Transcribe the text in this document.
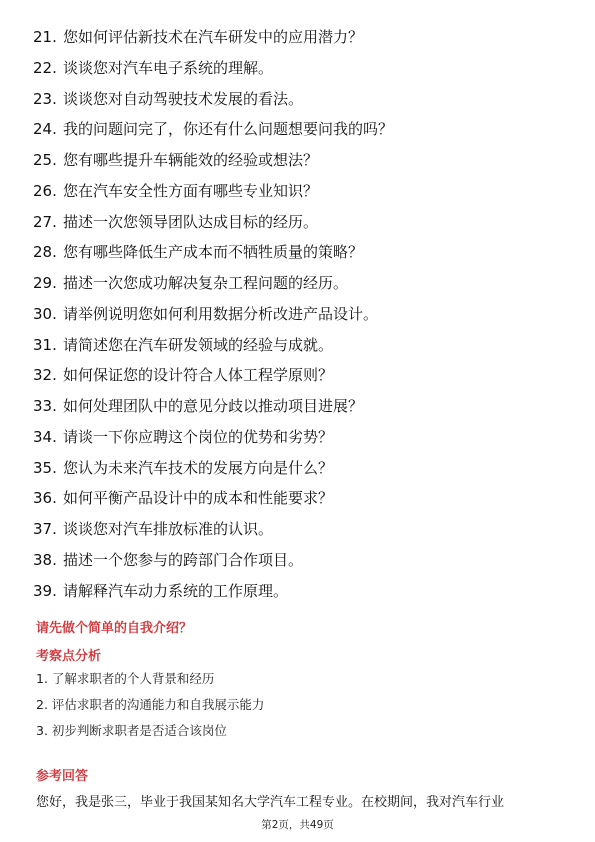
21. 您如何评估新技术在汽车研发中的应用潜力？
22. 谈谈您对汽车电子系统的理解。
23. 谈谈您对自动驾驶技术发展的看法。
24. 我的问题问完了，你还有什么问题想要问我的吗？
25. 您有哪些提升车辆能效的经验或想法？
26. 您在汽车安全性方面有哪些专业知识？
27. 描述一次您领导团队达成目标的经历。
28. 您有哪些降低生产成本而不牺牲质量的策略？
29. 描述一次您成功解决复杂工程问题的经历。
30. 请举例说明您如何利用数据分析改进产品设计。
31. 请简述您在汽车研发领域的经验与成就。
32. 如何保证您的设计符合人体工程学原则？
33. 如何处理团队中的意见分歧以推动项目进展？
34. 请谈一下你应聘这个岗位的优势和劣势？
35. 您认为未来汽车技术的发展方向是什么？
36. 如何平衡产品设计中的成本和性能要求？
37. 谈谈您对汽车排放标准的认识。
38. 描述一个您参与的跨部门合作项目。
39. 请解释汽车动力系统的工作原理。
请先做个简单的自我介绍？
考察点分析
1. 了解求职者的个人背景和经历
2. 评估求职者的沟通能力和自我展示能力
3. 初步判断求职者是否适合该岗位
参考回答
您好，我是张三，毕业于我国某知名大学汽车工程专业。在校期间，我对汽车行业
第2页，共49页
